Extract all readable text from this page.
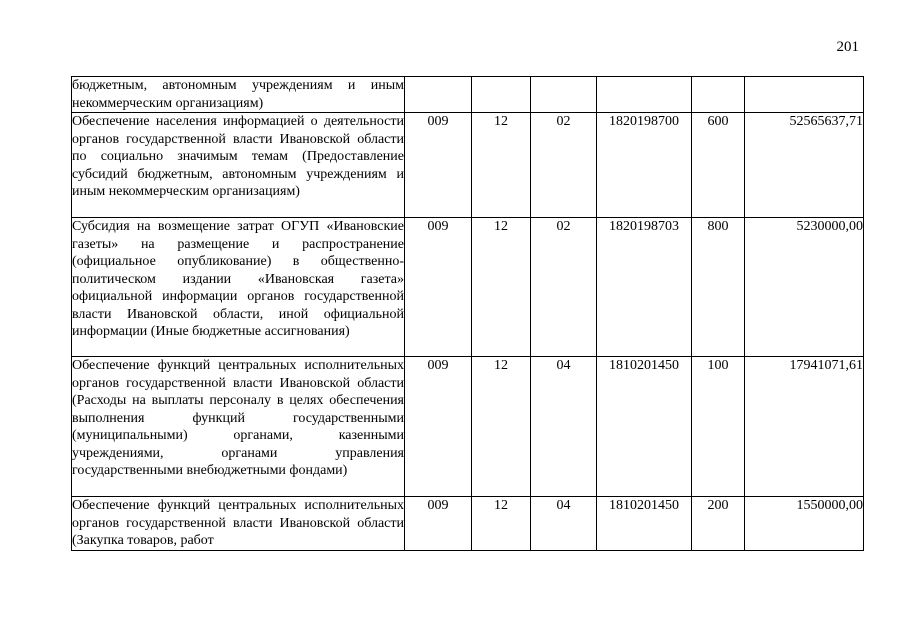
201
бюджетным, автономным учреждениям и иным некоммерческим организациям)						

Обеспечение населения информацией о деятельности органов государственной власти Ивановской области по социально значимым темам (Предоставление субсидий бюджетным, автономным учреждениям и иным некоммерческим организациям)	009	12	02	1820198700	600	52565637,71

Субсидия на возмещение затрат ОГУП «Ивановские газеты» на размещение и распространение (официальное опубликование) в общественно-политическом издании «Ивановская газета» официальной информации органов государственной власти Ивановской области, иной официальной информации (Иные бюджетные ассигнования)	009	12	02	1820198703	800	5230000,00

Обеспечение функций центральных исполнительных органов государственной власти Ивановской области (Расходы на выплаты персоналу в целях обеспечения выполнения функций государственными (муниципальными) органами, казенными учреждениями, органами управления государственными внебюджетными фондами)	009	12	04	1810201450	100	17941071,61

Обеспечение функций центральных исполнительных органов государственной власти Ивановской области (Закупка товаров, работ	009	12	04	1810201450	200	1550000,00
